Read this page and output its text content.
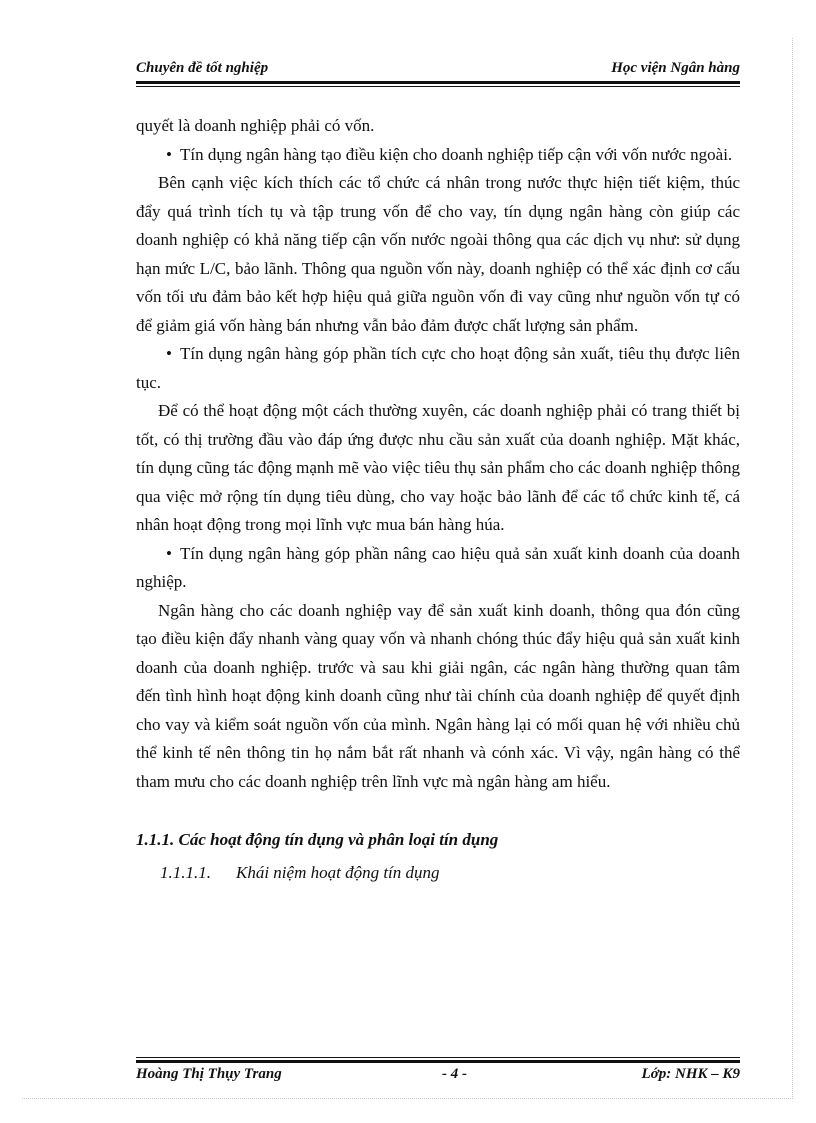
Chuyên đề tốt nghiệp	Học viện Ngân hàng

quyết là doanh nghiệp phải có vốn.

• Tín dụng ngân hàng tạo điều kiện cho doanh nghiệp tiếp cận với vốn nước ngoài.

Bên cạnh việc kích thích các tổ chức cá nhân trong nước thực hiện tiết kiệm, thúc đẩy quá trình tích tụ và tập trung vốn để cho vay, tín dụng ngân hàng còn giúp các doanh nghiệp có khả năng tiếp cận vốn nước ngoài thông qua các dịch vụ như: sử dụng hạn mức L/C, bảo lãnh. Thông qua nguồn vốn này, doanh nghiệp có thể xác định cơ cấu vốn tối ưu đảm bảo kết hợp hiệu quả giữa nguồn vốn đi vay cũng như nguồn vốn tự có để giảm giá vốn hàng bán nhưng vẫn bảo đảm được chất lượng sản phẩm.

• Tín dụng ngân hàng góp phần tích cực cho hoạt động sản xuất, tiêu thụ được liên tục.

Để có thể hoạt động một cách thường xuyên, các doanh nghiệp phải có trang thiết bị tốt, có thị trường đầu vào đáp ứng được nhu cầu sản xuất của doanh nghiệp. Mặt khác, tín dụng cũng tác động mạnh mẽ vào việc tiêu thụ sản phẩm cho các doanh nghiệp thông qua việc mở rộng tín dụng tiêu dùng, cho vay hoặc bảo lãnh để các tổ chức kinh tế, cá nhân hoạt động trong mọi lĩnh vực mua bán hàng húa.

• Tín dụng ngân hàng góp phần nâng cao hiệu quả sản xuất kinh doanh của doanh nghiệp.

Ngân hàng cho các doanh nghiệp vay để sản xuất kinh doanh, thông qua đón cũng tạo điều kiện đẩy nhanh vàng quay vốn và nhanh chóng thúc đẩy hiệu quả sản xuất kinh doanh của doanh nghiệp. trước và sau khi giải ngân, các ngân hàng thường quan tâm đến tình hình hoạt động kinh doanh cũng như tài chính của doanh nghiệp để quyết định cho vay và kiểm soát nguồn vốn của mình. Ngân hàng lại có mối quan hệ với nhiều chủ thể kinh tế nên thông tin họ nắm bắt rất nhanh và cónh xác. Vì vậy, ngân hàng có thể tham mưu cho các doanh nghiệp trên lĩnh vực mà ngân hàng am hiểu.

1.1.1. Các hoạt động tín dụng và phân loại tín dụng

1.1.1.1. Khái niệm hoạt động tín dụng

Hoàng Thị Thụy Trang	- 4 -	Lớp: NHK – K9
